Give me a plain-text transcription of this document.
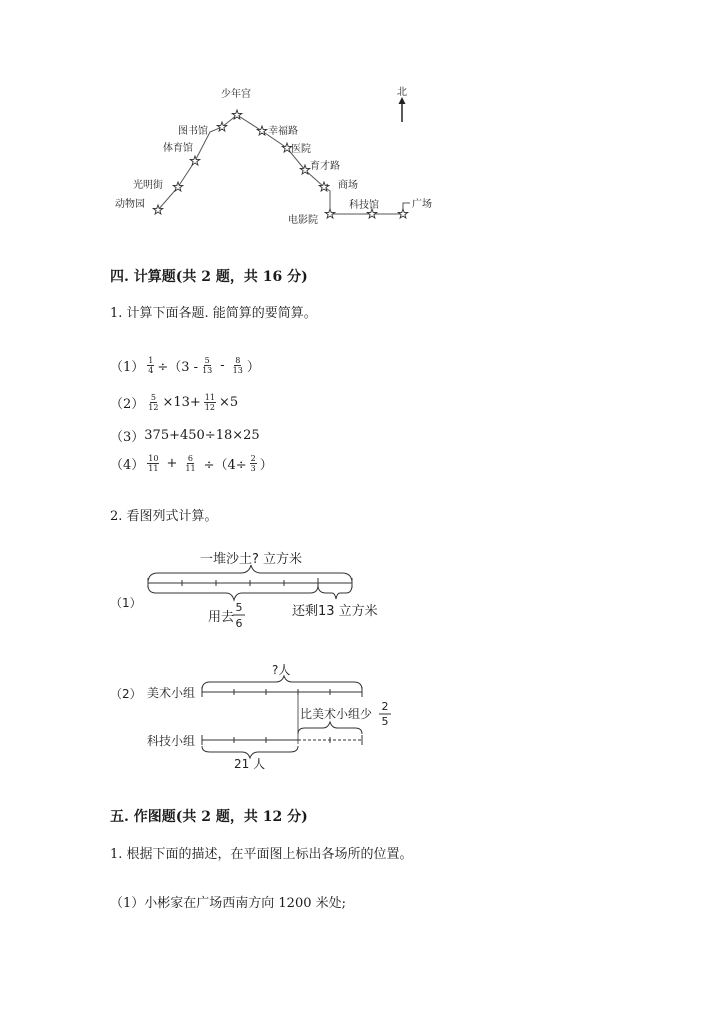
北
少年宫
图书馆
体育馆
光明街
动物园
幸福路
医院
育才路
商场
电影院
科技馆	广场
四. 计算题(共 2 题，共 16 分)
1. 计算下面各题. 能简算的要简算。
$(1) \frac{1}{4} \div(3 - \frac{5}{13} - \frac{8}{13}$ ）
$(2) \frac{5}{12} \times 13+ \frac{11}{12} \times 5$
（3） 375+450÷18×25
$(4) \frac{10}{11} + \frac{6}{11} \div(4\div \frac{2}{3}$ ）
2. 看图列式计算。
（1）
一堆沙土? 立方米
用去
5
6
还剩13 立方米
（2）
?人
美术小组
比美术小组少
2
5
科技小组
21 人
五. 作图题(共 2 题，共 12 分)
1. 根据下面的描述，在平面图上标出各场所的位置。
（1）小彬家在广场西南方向 1200 米处;
